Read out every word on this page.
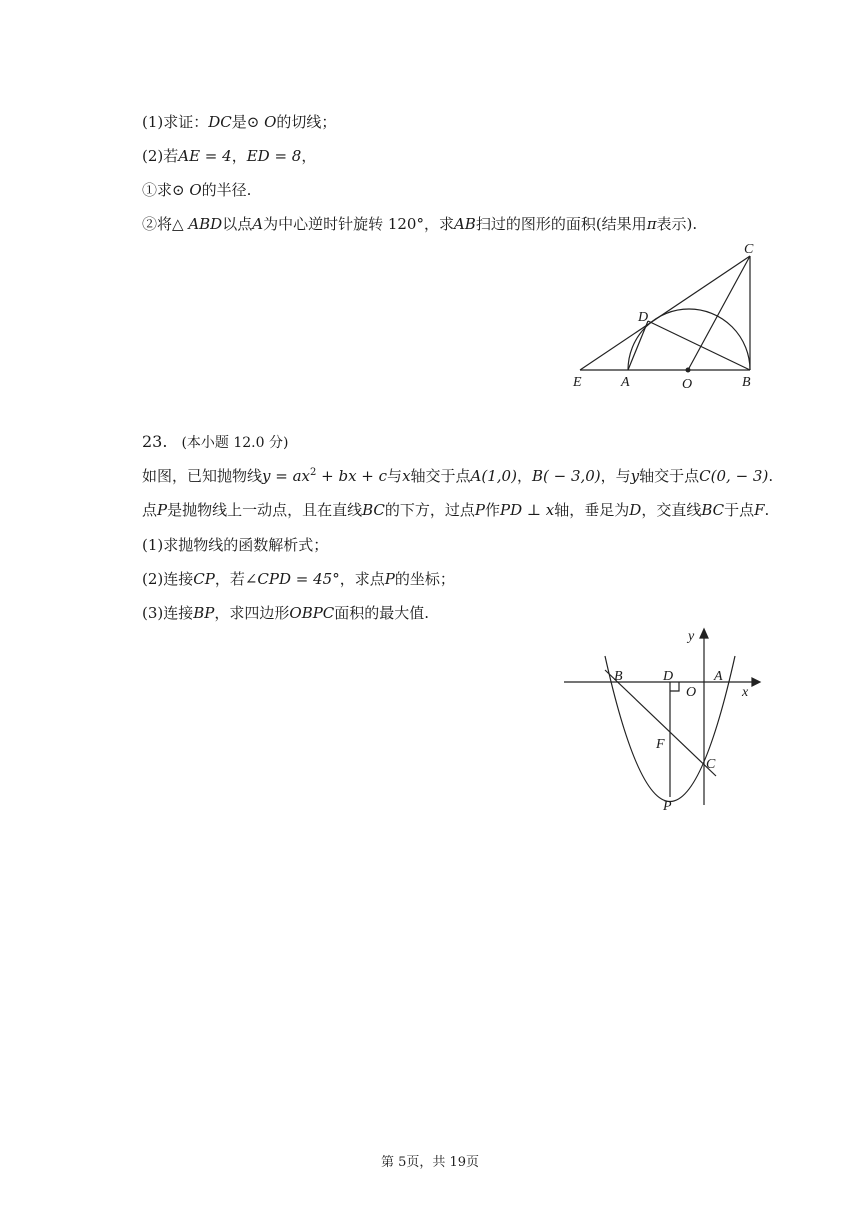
(1)求证：DC是⊙ O的切线；
(2)若AE = 4，ED = 8，
①求⊙ O的半径.
②将△ ABD以点A为中心逆时针旋转 120°，求AB扫过的图形的面积(结果用π表示).
C
D
E	A	O	B
23. (本小题 12.0 分)
如图，已知抛物线$y = ax^2$ + bx + c与x轴交于点A(1,0)，B( − 3,0)，与y轴交于点C(0, − 3).
点P是抛物线上一动点，且在直线BC的下方，过点P作PD ⊥ x轴，垂足为D，交直线BC于点F.
(1)求抛物线的函数解析式；
(2)连接CP，若∠CPD = 45°，求点P的坐标；
(3)连接BP，求四边形OBPC面积的最大值.
y
x
B	D
O
A
F
C
P
第 5页，共 19页
